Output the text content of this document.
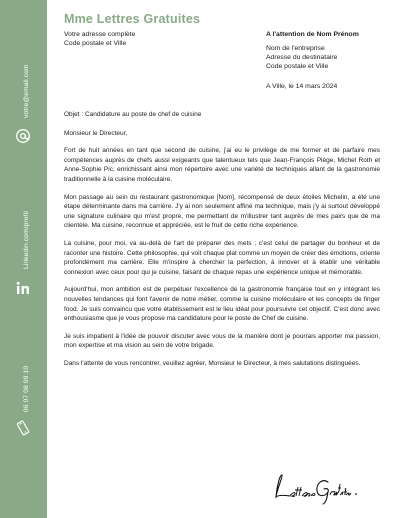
votre@email.com
Linkedin.com/profil
06 07 08 09 10
Mme Lettres Gratuites
Votre adresse complète
Code postale et Ville
A l'attention de Nom Prénom
Nom de l'entreprise
Adresse du destinataire
Code postale et Ville
A Ville, le 14 mars 2024

Objet : Candidature au poste de chef de cuisine

Monsieur le Directeur,

Fort de huit années en tant que second de cuisine, j'ai eu le privilège de me former et de parfaire mes compétences auprès de chefs aussi exigeants que talentueux tels que Jean-François Piège, Michel Roth et Anne-Sophie Pic, enrichissant ainsi mon répertoire avec une variété de techniques allant de la gastronomie traditionnelle à la cuisine moléculaire.

Mon passage au sein du restaurant gastronomique [Nom], récompensé de deux étoiles Michelin, a été une étape déterminante dans ma carrière. J'y ai non seulement affiné ma technique, mais j'y ai surtout développé une signature culinaire qui m'est propre, me permettant de m'illustrer tant auprès de mes pairs que de ma clientèle. Ma cuisine, reconnue et appréciée, est le fruit de cette riche expérience.

La cuisine, pour moi, va au-delà de l'art de préparer des mets ; c'est celui de partager du bonheur et de raconter une histoire. Cette philosophie, qui voit chaque plat comme un moyen de créer des émotions, oriente profondément ma carrière. Elle m'inspire à chercher la perfection, à innover et à établir une véritable connexion avec ceux pour qui je cuisine, faisant de chaque repas une expérience unique et mémorable.

Aujourd'hui, mon ambition est de perpétuer l'excellence de la gastronomie française tout en y intégrant les nouvelles tendances qui font l'avenir de notre métier, comme la cuisine moléculaire et les concepts de finger food. Je suis convaincu que votre établissement est le lieu idéal pour poursuivre cet objectif. C'est donc avec enthousiasme que je vous propose ma candidature pour le poste de Chef de cuisine.

Je suis impatient à l'idée de pouvoir discuter avec vous de la manière dont je pourrais apporter ma passion, mon expertise et ma vision au sein de votre brigade.

Dans l'attente de vous rencontrer, veuillez agréer, Monsieur le Directeur, à mes salutations distinguées.
